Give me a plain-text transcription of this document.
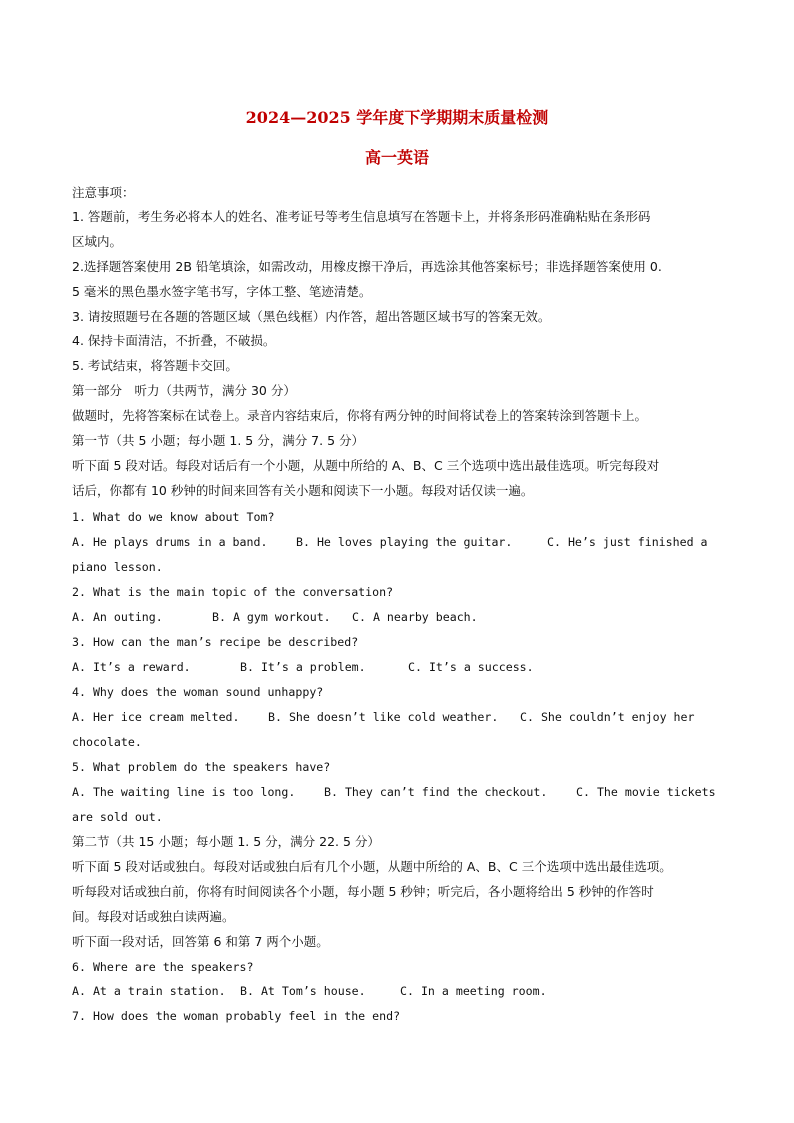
2024—2025 学年度下学期期末质量检测
高一英语
注意事项：
1. 答题前，考生务必将本人的姓名、准考证号等考生信息填写在答题卡上，并将条形码准确粘贴在条形码
区域内。
2.选择题答案使用 2B 铅笔填涂，如需改动，用橡皮擦干净后，再选涂其他答案标号；非选择题答案使用 0.
5 毫米的黑色墨水签字笔书写，字体工整、笔迹清楚。
3. 请按照题号在各题的答题区域（黑色线框）内作答，超出答题区域书写的答案无效。
4. 保持卡面清洁，不折叠，不破损。
5. 考试结束，将答题卡交回。
第一部分　听力（共两节，满分 30 分）
做题时，先将答案标在试卷上。录音内容结束后，你将有两分钟的时间将试卷上的答案转涂到答题卡上。
第一节（共 5 小题；每小题 1. 5 分，满分 7. 5 分）
听下面 5 段对话。每段对话后有一个小题，从题中所给的 A、B、C 三个选项中选出最佳选项。听完每段对
话后，你都有 10 秒钟的时间来回答有关小题和阅读下一小题。每段对话仅读一遍。
1. What do we know about Tom?
A. He plays drums in a band. B. He loves playing the guitar.	C. He’s just finished a
piano lesson.
2. What is the main topic of the conversation?
A. An outing.	B. A gym workout. C. A nearby beach.
3. How can the man’s recipe be described?
A. It’s a reward.	B. It’s a problem.	C. It’s a success.
4. Why does the woman sound unhappy?
A. Her ice cream melted. B. She doesn’t like cold weather. C. She couldn’t enjoy her
chocolate.
5. What problem do the speakers have?
A. The waiting line is too long. B. They can’t find the checkout. C. The movie tickets
are sold out.
第二节（共 15 小题；每小题 1. 5 分，满分 22. 5 分）
听下面 5 段对话或独白。每段对话或独白后有几个小题，从题中所给的 A、B、C 三个选项中选出最佳选项。
听每段对话或独白前，你将有时间阅读各个小题，每小题 5 秒钟；听完后，各小题将给出 5 秒钟的作答时
间。每段对话或独白读两遍。
听下面一段对话，回答第 6 和第 7 两个小题。
6. Where are the speakers?
A. At a train station. B. At Tom’s house.	C. In a meeting room.
7. How does the woman probably feel in the end?
